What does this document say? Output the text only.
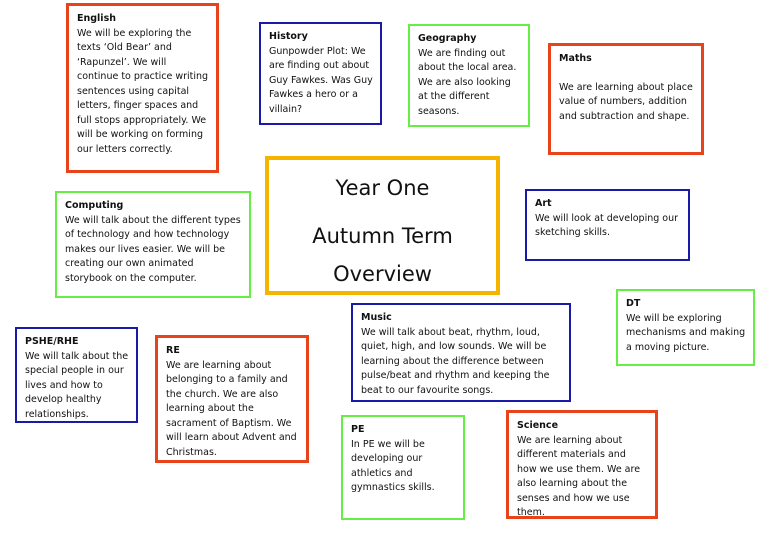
Year One
Autumn Term
Overview
English
We will be exploring the texts ‘Old Bear’ and ‘Rapunzel’. We will continue to practice writing sentences using capital letters, finger spaces and full stops appropriately. We will be working on forming our letters correctly.
History
Gunpowder Plot: We are finding out about Guy Fawkes. Was Guy Fawkes a hero or a villain?
Geography
We are finding out about the local area. We are also looking at the different seasons.
Maths
We are learning about place value of numbers, addition and subtraction and shape.
Computing
We will talk about the different types of technology and how technology makes our lives easier. We will be creating our own animated storybook on the computer.
Art
We will look at developing our sketching skills.
DT
We will be exploring mechanisms and making a moving picture.
PSHE/RHE
We will talk about the special people in our lives and how to develop healthy relationships.
RE
We are learning about belonging to a family and the church. We are also learning about the sacrament of Baptism. We will learn about Advent and Christmas.
Music
We will talk about beat, rhythm, loud, quiet, high, and low sounds. We will be learning about the difference between pulse/beat and rhythm and keeping the beat to our favourite songs.
PE
In PE we will be developing our athletics and gymnastics skills.
Science
We are learning about different materials and how we use them. We are also learning about the senses and how we use them.
